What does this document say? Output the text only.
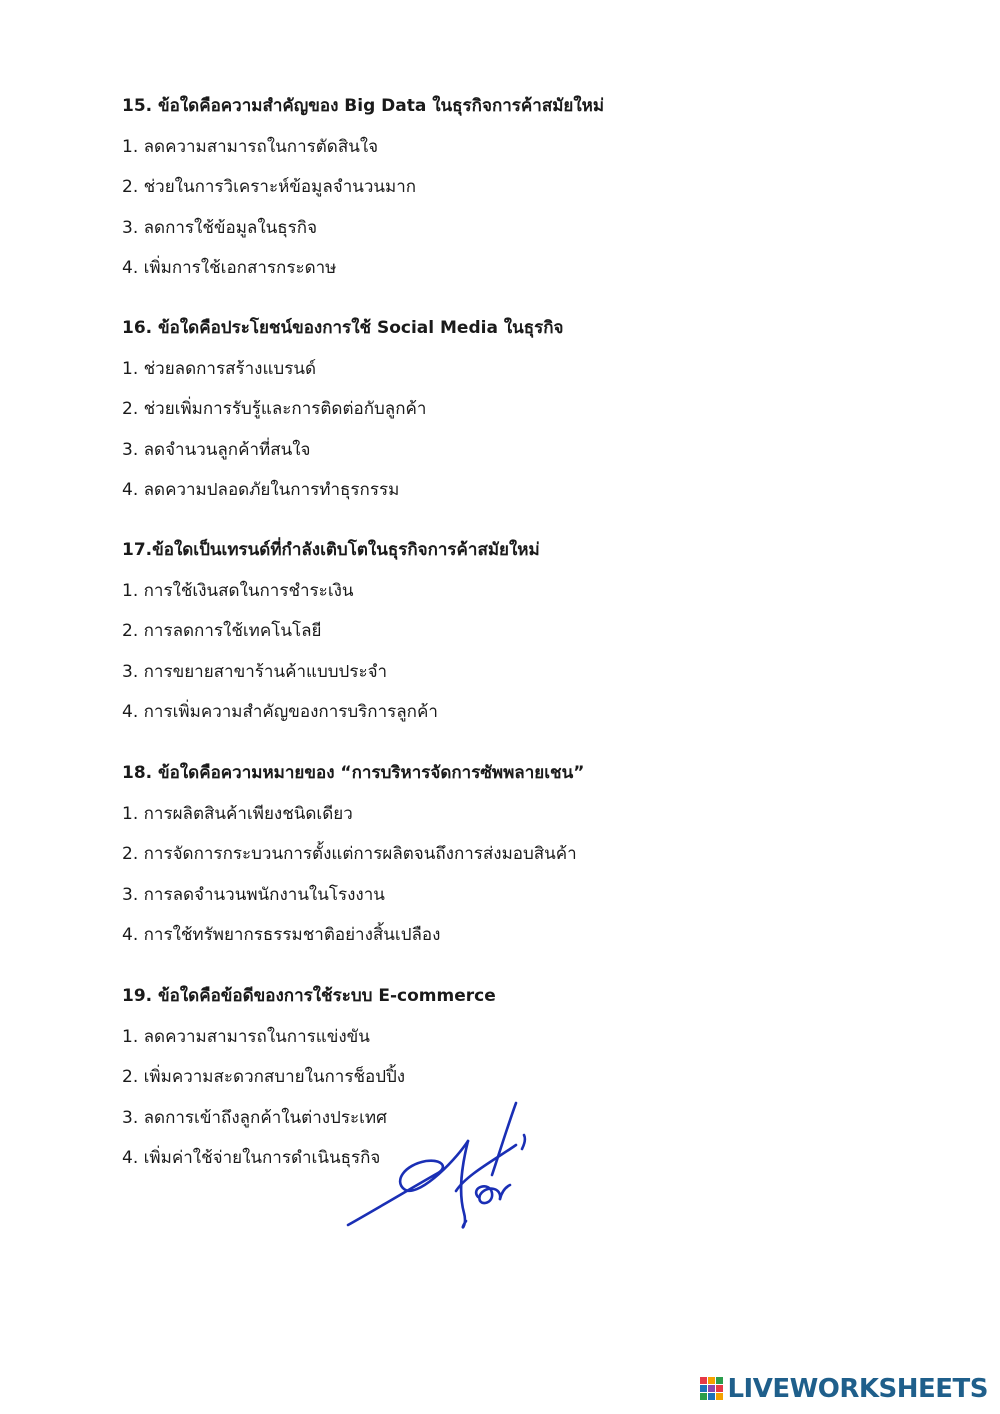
15. ข้อใดคือความสำคัญของ Big Data ในธุรกิจการค้าสมัยใหม่
1. ลดความสามารถในการตัดสินใจ
2. ช่วยในการวิเคราะห์ข้อมูลจำนวนมาก
3. ลดการใช้ข้อมูลในธุรกิจ
4. เพิ่มการใช้เอกสารกระดาษ
16. ข้อใดคือประโยชน์ของการใช้ Social Media ในธุรกิจ
1. ช่วยลดการสร้างแบรนด์
2. ช่วยเพิ่มการรับรู้และการติดต่อกับลูกค้า
3. ลดจำนวนลูกค้าที่สนใจ
4. ลดความปลอดภัยในการทำธุรกรรม
17.ข้อใดเป็นเทรนด์ที่กำลังเติบโตในธุรกิจการค้าสมัยใหม่
1. การใช้เงินสดในการชำระเงิน
2. การลดการใช้เทคโนโลยี
3. การขยายสาขาร้านค้าแบบประจำ
4. การเพิ่มความสำคัญของการบริการลูกค้า
18. ข้อใดคือความหมายของ “การบริหารจัดการซัพพลายเชน”
1. การผลิตสินค้าเพียงชนิดเดียว
2. การจัดการกระบวนการตั้งแต่การผลิตจนถึงการส่งมอบสินค้า
3. การลดจำนวนพนักงานในโรงงาน
4. การใช้ทรัพยากรธรรมชาติอย่างสิ้นเปลือง
19. ข้อใดคือข้อดีของการใช้ระบบ E-commerce
1. ลดความสามารถในการแข่งขัน
2. เพิ่มความสะดวกสบายในการช็อปปิ้ง
3. ลดการเข้าถึงลูกค้าในต่างประเทศ
4. เพิ่มค่าใช้จ่ายในการดำเนินธุรกิจ
LIVEWORKSHEETS
